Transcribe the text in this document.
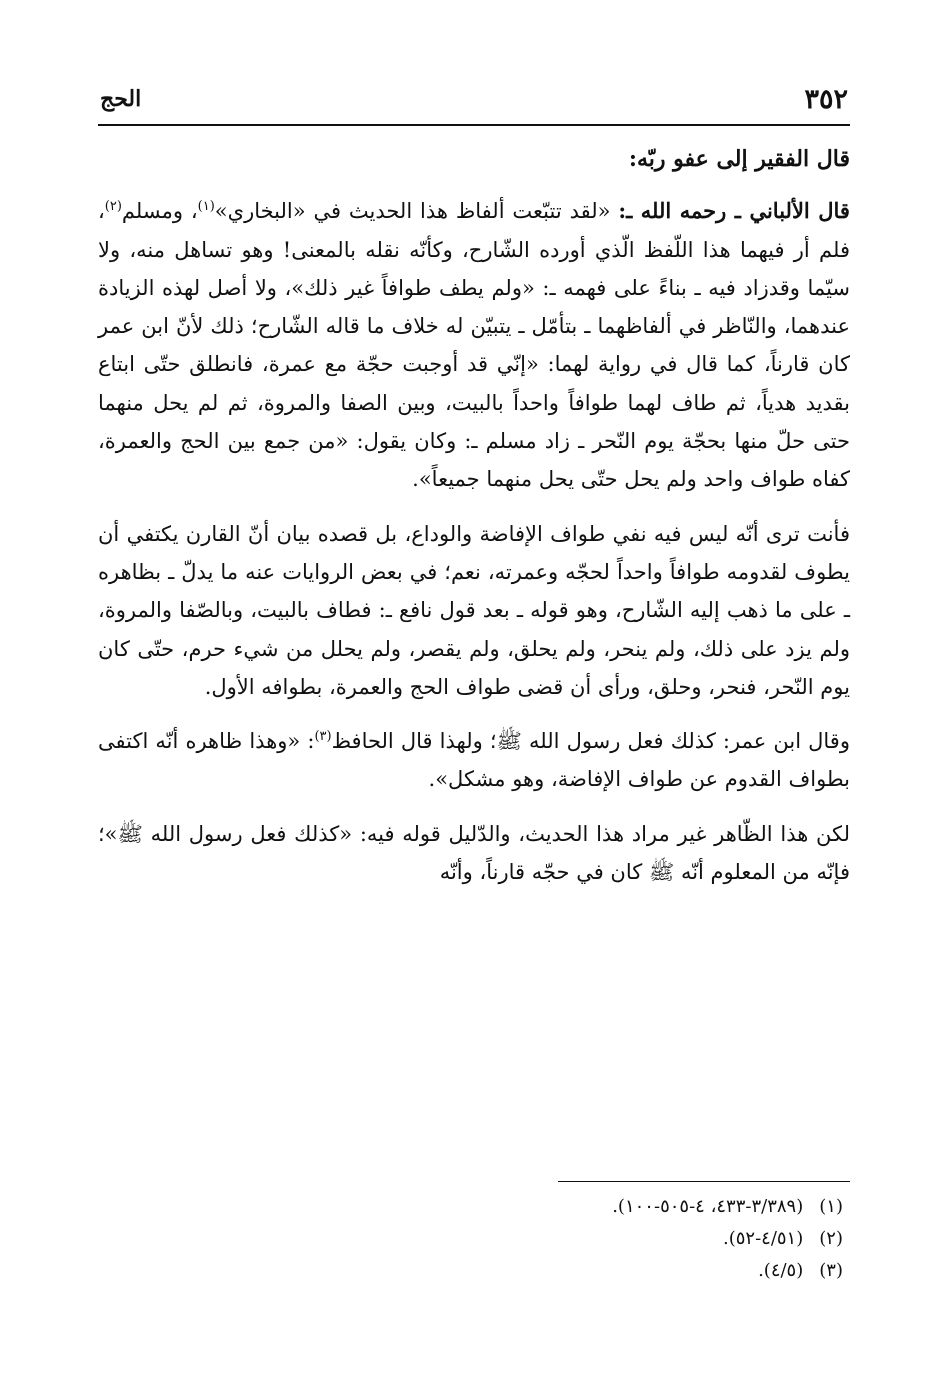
٣٥٢
الحج

قال الفقير إلى عفو ربّه:

قال الألباني ـ رحمه الله ـ: «لقد تتبّعت ألفاظ هذا الحديث في «البخاري»$^{(١)}$، ومسلم$^{(٢)}$، فلم أر فيهما هذا اللّفظ الّذي أورده الشّارح، وكأنّه نقله بالمعنى! وهو تساهل منه، ولا سيّما وقدزاد فيه ـ بناءً على فهمه ـ: «ولم يطف طوافاً غير ذلك»، ولا أصل لهذه الزيادة عندهما، والنّاظر في ألفاظهما ـ بتأمّل ـ يتبيّن له خلاف ما قاله الشّارح؛ ذلك لأنّ ابن عمر كان قارناً، كما قال في رواية لهما: «إنّي قد أوجبت حجّة مع عمرة، فانطلق حتّى ابتاع بقديد هدياً، ثم طاف لهما طوافاً واحداً بالبيت، وبين الصفا والمروة، ثم لم يحل منهما حتى حلّ منها بحجّة يوم النّحر ـ زاد مسلم ـ: وكان يقول: «من جمع بين الحج والعمرة، كفاه طواف واحد ولم يحل حتّى يحل منهما جميعاً».

فأنت ترى أنّه ليس فيه نفي طواف الإفاضة والوداع، بل قصده بيان أنّ القارن يكتفي أن يطوف لقدومه طوافاً واحداً لحجّه وعمرته، نعم؛ في بعض الروايات عنه ما يدلّ ـ بظاهره ـ على ما ذهب إليه الشّارح، وهو قوله ـ بعد قول نافع ـ: فطاف بالبيت، وبالصّفا والمروة، ولم يزد على ذلك، ولم ينحر، ولم يحلق، ولم يقصر، ولم يحلل من شيء حرم، حتّى كان يوم النّحر، فنحر، وحلق، ورأى أن قضى طواف الحج والعمرة، بطوافه الأول.

وقال ابن عمر: كذلك فعل رسول الله ﷺ؛ ولهذا قال الحافظ$^{(٣)}$: «وهذا ظاهره أنّه اكتفى بطواف القدوم عن طواف الإفاضة، وهو مشكل».

لكن هذا الظّاهر غير مراد هذا الحديث، والدّليل قوله فيه: «كذلك فعل رسول الله ﷺ»؛ فإنّه من المعلوم أنّه ﷺ كان في حجّه قارناً، وأنّه

(١) (٣/٣٨٩-٤٣٣، ٤-٥٠٥-١٠٠).
(٢) (٤/٥١-٥٢).
(٣) (٤/٥).
